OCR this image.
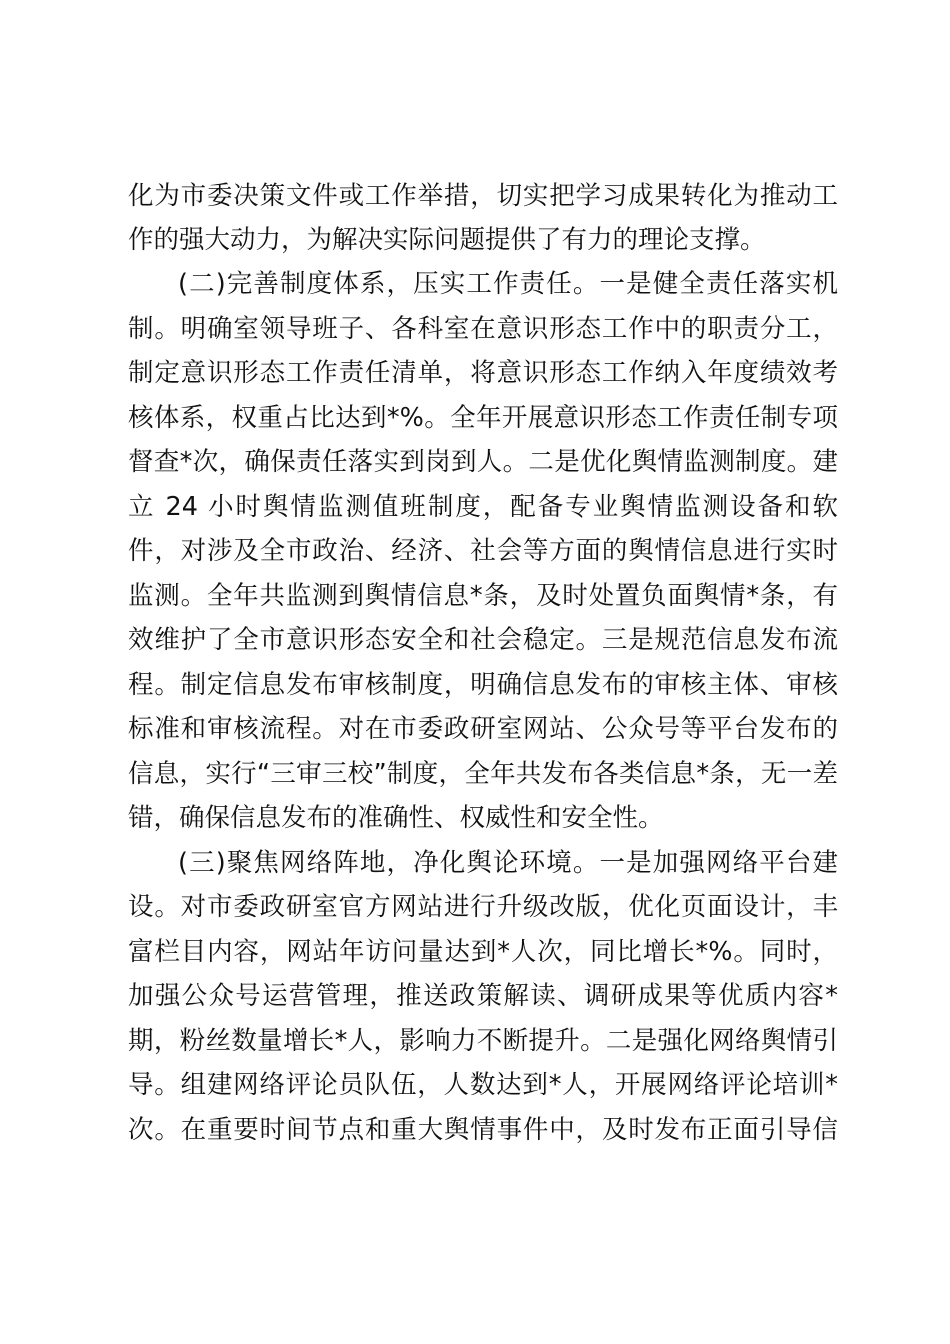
化为市委决策文件或工作举措，切实把学习成果转化为推动工
作的强大动力，为解决实际问题提供了有力的理论支撑。
(二)完善制度体系，压实工作责任。一是健全责任落实机
制。明确室领导班子、各科室在意识形态工作中的职责分工，
制定意识形态工作责任清单，将意识形态工作纳入年度绩效考
核体系，权重占比达到*%。全年开展意识形态工作责任制专项
督查*次，确保责任落实到岗到人。二是优化舆情监测制度。建
立 24 小时舆情监测值班制度，配备专业舆情监测设备和软
件，对涉及全市政治、经济、社会等方面的舆情信息进行实时
监测。全年共监测到舆情信息*条，及时处置负面舆情*条，有
效维护了全市意识形态安全和社会稳定。三是规范信息发布流
程。制定信息发布审核制度，明确信息发布的审核主体、审核
标准和审核流程。对在市委政研室网站、公众号等平台发布的
信息，实行“三审三校”制度，全年共发布各类信息*条，无一差
错，确保信息发布的准确性、权威性和安全性。
(三)聚焦网络阵地，净化舆论环境。一是加强网络平台建
设。对市委政研室官方网站进行升级改版，优化页面设计，丰
富栏目内容，网站年访问量达到*人次，同比增长*%。同时，
加强公众号运营管理，推送政策解读、调研成果等优质内容*
期，粉丝数量增长*人，影响力不断提升。二是强化网络舆情引
导。组建网络评论员队伍，人数达到*人，开展网络评论培训*
次。在重要时间节点和重大舆情事件中，及时发布正面引导信
